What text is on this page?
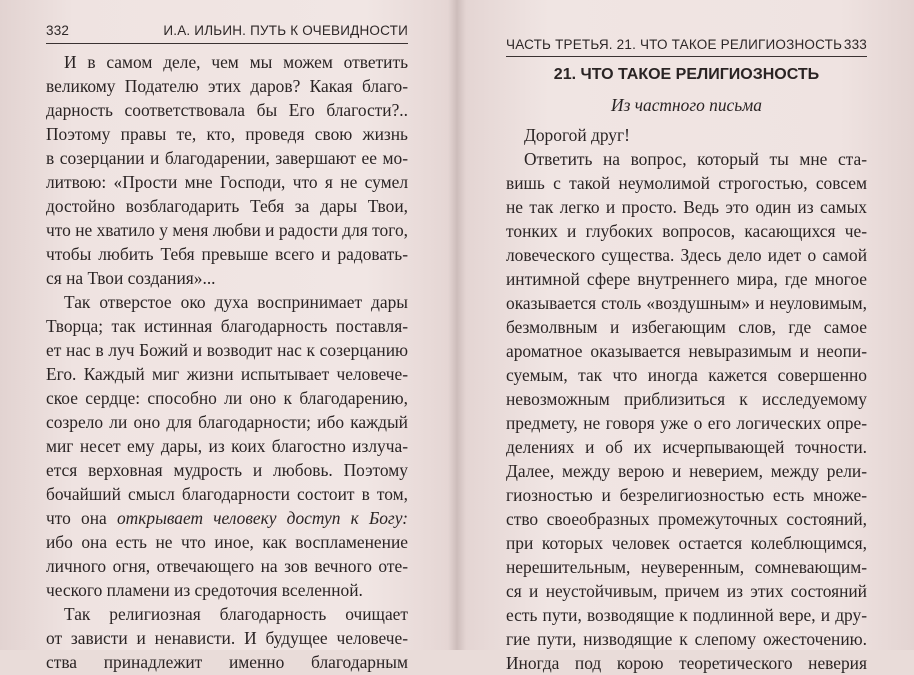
332	И.А. ИЛЬИН. ПУТЬ К ОЧЕВИДНОСТИ
И в самом деле, чем мы можем ответить
великому Подателю этих даров? Какая благо-
дарность соответствовала бы Его благости?..
Поэтому правы те, кто, проведя свою жизнь
в созерцании и благодарении, завершают ее мо-
литвою: «Прости мне Господи, что я не сумел
достойно возблагодарить Тебя за дары Твои,
что не хватило у меня любви и радости для того,
чтобы любить Тебя превыше всего и радовать-
ся на Твои создания»...
Так отверстое око духа воспринимает дары
Творца; так истинная благодарность поставля-
ет нас в луч Божий и возводит нас к созерцанию
Его. Каждый миг жизни испытывает человече-
ское сердце: способно ли оно к благодарению,
созрело ли оно для благодарности; ибо каждый
миг несет ему дары, из коих благостно излуча-
ется верховная мудрость и любовь. Поэтому
бочайший смысл благодарности состоит в том,
что она открывает человеку доступ к Богу:
ибо она есть не что иное, как воспламенение
личного огня, отвечающего на зов вечного оте-
ческого пламени из средоточия вселенной.
Так религиозная благодарность очищает
от зависти и ненависти. И будущее человече-
ства принадлежит именно благодарным
ЧАСТЬ ТРЕТЬЯ. 21. ЧТО ТАКОЕ РЕЛИГИОЗНОСТЬ 333
21. ЧТО ТАКОЕ РЕЛИГИОЗНОСТЬ
Из частного письма
Дорогой друг!
Ответить на вопрос, который ты мне ста-
вишь с такой неумолимой строгостью, совсем
не так легко и просто. Ведь это один из самых
тонких и глубоких вопросов, касающихся че-
ловеческого существа. Здесь дело идет о самой
интимной сфере внутреннего мира, где многое
оказывается столь «воздушным» и неуловимым,
безмолвным и избегающим слов, где самое
ароматное оказывается невыразимым и неопи-
суемым, так что иногда кажется совершенно
невозможным приблизиться к исследуемому
предмету, не говоря уже о его логических опре-
делениях и об их исчерпывающей точности.
Далее, между верою и неверием, между рели-
гиозностью и безрелигиозностью есть множе-
ство своеобразных промежуточных состояний,
при которых человек остается колеблющимся,
нерешительным, неуверенным, сомневающим-
ся и неустойчивым, причем из этих состояний
есть пути, возводящие к подлинной вере, и дру-
гие пути, низводящие к слепому ожесточению.
Иногда под корою теоретического неверия
